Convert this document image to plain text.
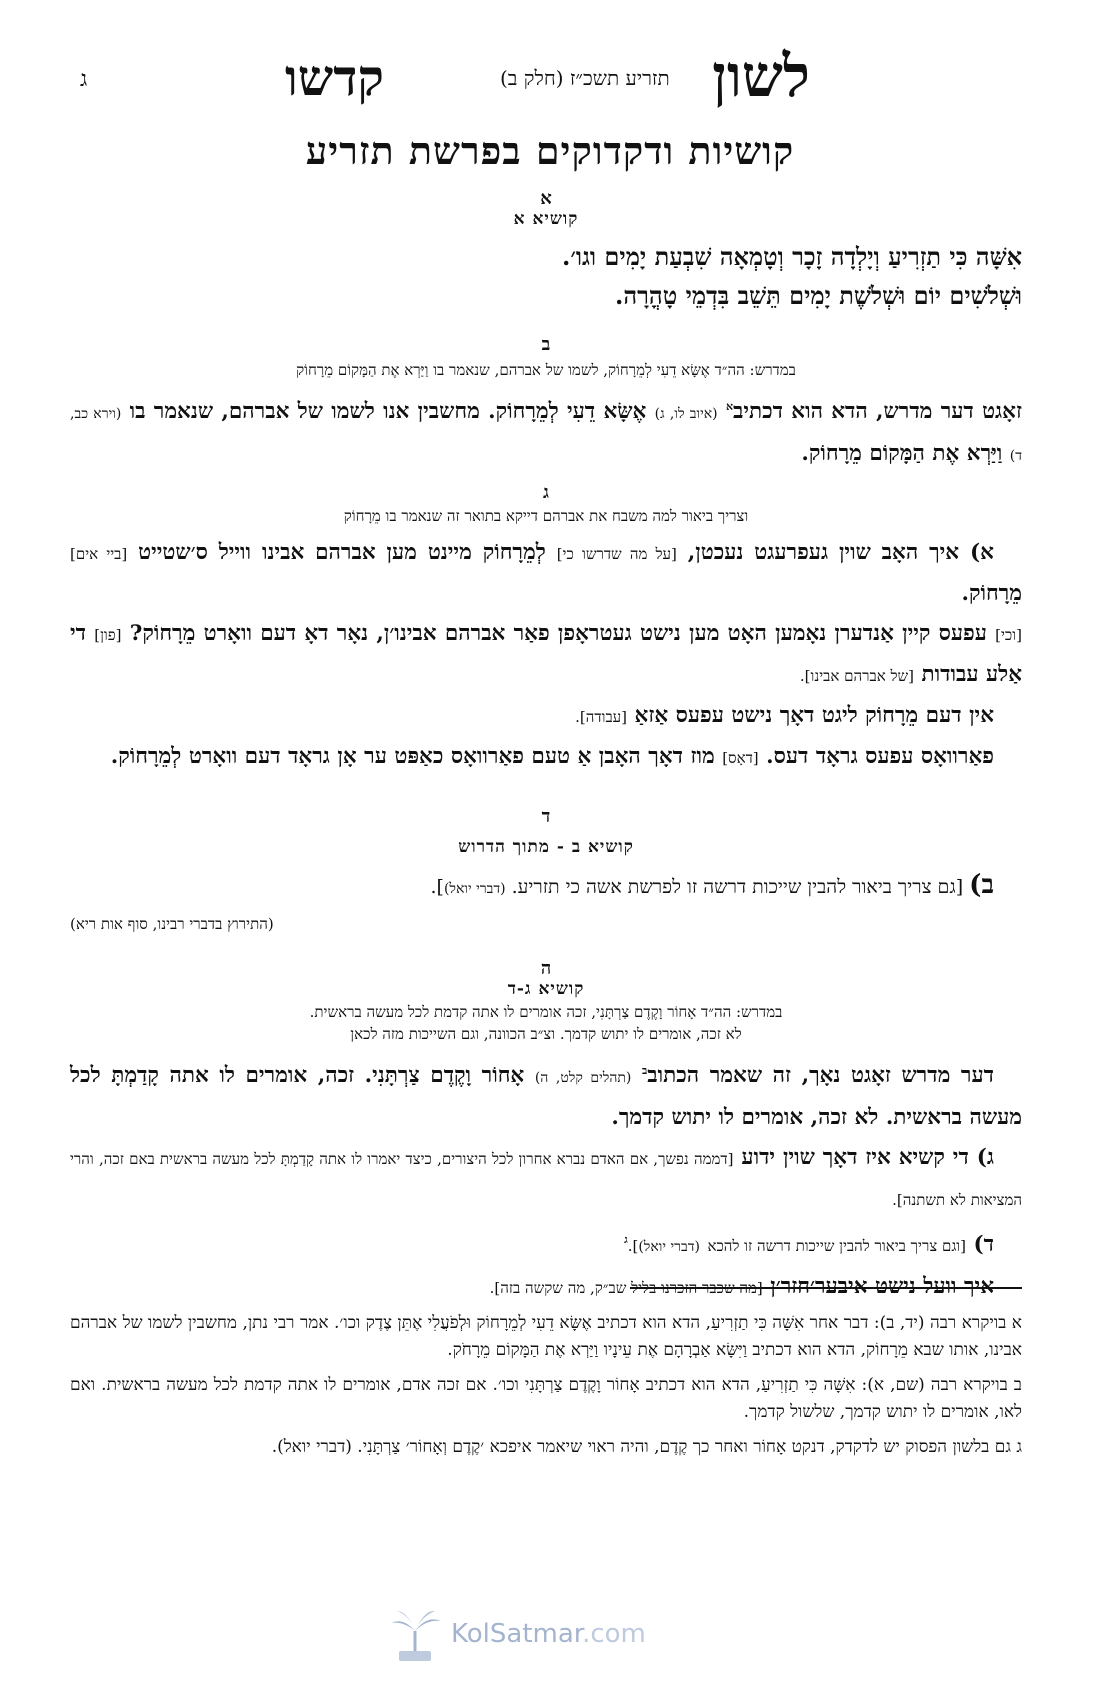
לשון
קדשו	תזריע תשכ״ז (חלק ב)
ג
קושיות ודקדוקים בפרשת תזריע
א
קושיא א
אִשָּׁה כִּי תַזְרִיעַ וְיָלְדָה זָכָר וְטָמְאָה שִׁבְעַת יָמִים וגו׳.
וּשְׁלֹשִׁים יוֹם וּשְׁלֹשֶׁת יָמִים תֵּשֵׁב בִּדְמֵי טָהֳרָה.
ב
במדרש: הה״ד אֶשָּׂא דֵעִי לְמֵרָחוֹק, לשמו של אברהם, שנאמר בו וַיַּרְא אֶת הַמָּקוֹם מֵרָחוֹק
זאָגט דער מדרש, הדא הוא דכתיב$^א$ (איוב לו, ג) אֶשָּׂא דֵעִי לְמֵרָחוֹק. מחשבין אנו לשמו של אברהם, שנאמר בו (וירא כב, ד) וַיַּרְא אֶת הַמָּקוֹם מֵרָחוֹק.
ג
וצריך ביאור למה משבח את אברהם דייקא בתואר זה שנאמר בו מֵרָחוֹק
א) איך האָב שוין געפרעגט נעכטן, [על מה שדרשו כי] לְמֵרָחוֹק מיינט מען אברהם אבינו ווייל ס׳שטייט [ביי אים] מֵרָחוֹק.
[וכי] עפעס קיין אַנדערן נאָמען האָט מען נישט געטראָפן פאַר אברהם אבינו׳ן, נאָר דאָ דעם וואָרט מֵרָחוֹק? [פון] די אַלע עבודות [של אברהם אבינו].
אין דעם מֵרָחוֹק ליגט דאָך נישט עפעס אַזאַ [עבודה].
פאַרוואָס עפעס גראָד דעס. [דאָס] מוז דאָך האָבן אַ טעם פאַרוואָס כאַפּט ער אָן גראָד דעם וואָרט לְמֵרָחוֹק.
ד
קושיא ב - מתוך הדרוש
ב) [גם צריך ביאור להבין שייכות דרשה זו לפרשת אשה כי תזריע. (דברי יואל)].
(התירוץ בדברי רבינו, סוף אות ריא)
ה
קושיא ג-ד
במדרש: הה״ד אָחוֹר וָקֶדֶם צַרְתָּנִי, זכה אומרים לו אתה קדמת לכל מעשה בראשית.
לא זכה, אומרים לו יתוש קדמך. וצ״ב הכוונה, וגם השייכות מזה לכאן
דער מדרש זאָגט נאָך, זה שאמר הכתוב$^ב$ (תהלים קלט, ה) אָחוֹר וָקֶדֶם צַרְתָּנִי. זכה, אומרים לו אתה קָדַמְתָּ לכל מעשה בראשית. לא זכה, אומרים לו יתוש קדמך.
ג) די קשיא איז דאָך שוין ידוע [דממה נפשך, אם האדם נברא אחרון לכל היצורים, כיצד יאמרו לו אתה קָדַמְתָּ לכל מעשה בראשית באם זכה, והרי המציאות לא תשתנה].
ד) [וגם צריך ביאור להבין שייכות דרשה זו להכא (דברי יואל)].$^ג$
איך וועל נישט איבער׳חזר׳ן [מה שכבר הזכרנו בליל שב״ק, מה שקשה בזה].

א בויקרא רבה (יד, ב): דבר אחר אִשָּׁה כִּי תַזְרִיעַ, הדא הוא דכתיב אֶשָּׂא דֵעִי לְמֵרָחוֹק וּלְפֹעֲלִי אֶתֵּן צֶדֶק וכו׳. אמר רבי נתן, מחשבין לשמו של אברהם אבינו, אותו שבא מֵרָחוֹק, הדא הוא דכתיב וַיִּשָּׂא אַבְרָהָם אֶת עֵינָיו וַיַּרְא אֶת הַמָּקוֹם מֵרָחֹק.

ב בויקרא רבה (שם, א): אִשָּׁה כִּי תַזְרִיעַ, הדא הוא דכתיב אָחוֹר וָקֶדֶם צַרְתָּנִי וכו׳. אם זכה אדם, אומרים לו אתה קדמת לכל מעשה בראשית. ואם לאו, אומרים לו יתוש קדמך, שלשול קדמך.

ג גם בלשון הפסוק יש לדקדק, דנקט אָחוֹר ואחר כך קֶדֶם, והיה ראוי שיאמר איפכא ׳קֶדֶם וְאָחוֹר׳ צַרְתָּנִי. (דברי יואל).

KolSatmar.com
